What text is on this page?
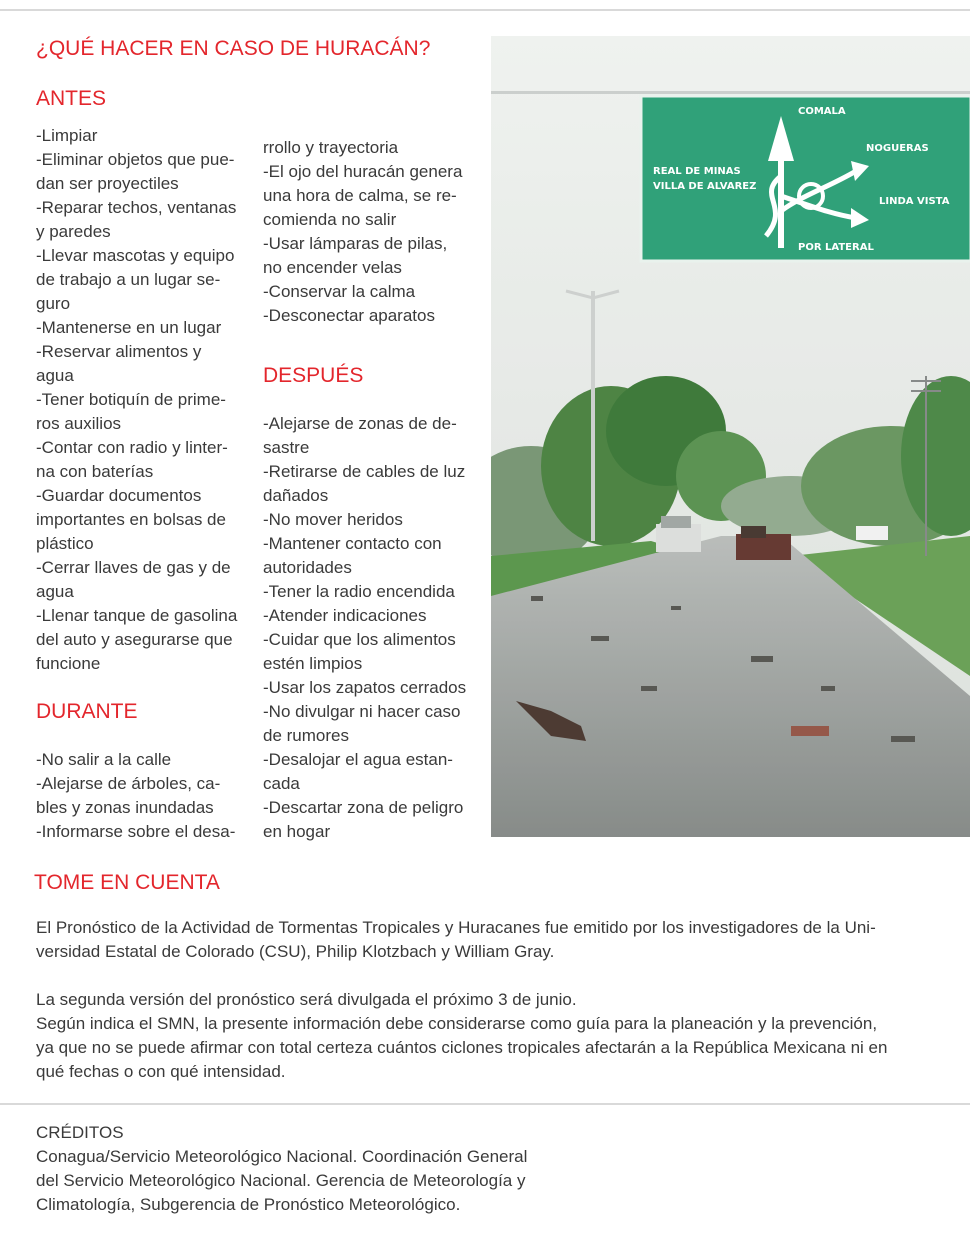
¿QUÉ HACER EN CASO DE HURACÁN?
ANTES
-Limpiar
-Eliminar objetos que pue-
dan ser proyectiles
-Reparar techos, ventanas
y paredes
-Llevar mascotas y equipo
de trabajo a un lugar se-
guro
-Mantenerse en un lugar
-Reservar alimentos y
agua
-Tener botiquín de prime-
ros auxilios
-Contar con radio y linter-
na con baterías
-Guardar documentos
importantes en bolsas de
plástico
-Cerrar llaves de gas y de
agua
-Llenar tanque de gasolina
del auto y asegurarse que
funcione
DURANTE
-No salir a la calle
-Alejarse de árboles, ca-
bles y zonas inundadas
-Informarse sobre el desa-
rrollo y trayectoria
-El ojo del huracán genera
una hora de calma, se re-
comienda no salir
-Usar lámparas de pilas,
no encender velas
-Conservar la calma
-Desconectar aparatos
DESPUÉS
-Alejarse de zonas de de-
sastre
-Retirarse de cables de luz
dañados
-No mover heridos
-Mantener contacto con
autoridades
-Tener la radio encendida
-Atender indicaciones
-Cuidar que los alimentos
estén limpios
-Usar los zapatos cerrados
-No divulgar ni hacer caso
de rumores
-Desalojar el agua estan-
cada
-Descartar zona de peligro
en hogar
COMALA
REAL DE MINAS
VILLA DE ALVAREZ
NOGUERAS
LINDA VISTA
POR LATERAL
TOME EN CUENTA
El Pronóstico de la Actividad de Tormentas Tropicales y Huracanes fue emitido por los investigadores de la Uni-
versidad Estatal de Colorado (CSU), Philip Klotzbach y William Gray.
La segunda versión del pronóstico será divulgada el próximo 3 de junio.
Según indica el SMN, la presente información debe considerarse como guía para la planeación y la prevención,
ya que no se puede afirmar con total certeza cuántos ciclones tropicales afectarán a la República Mexicana ni en
qué fechas o con qué intensidad.
CRÉDITOS
Conagua/Servicio Meteorológico Nacional. Coordinación General
del Servicio Meteorológico Nacional. Gerencia de Meteorología y
Climatología, Subgerencia de Pronóstico Meteorológico.
